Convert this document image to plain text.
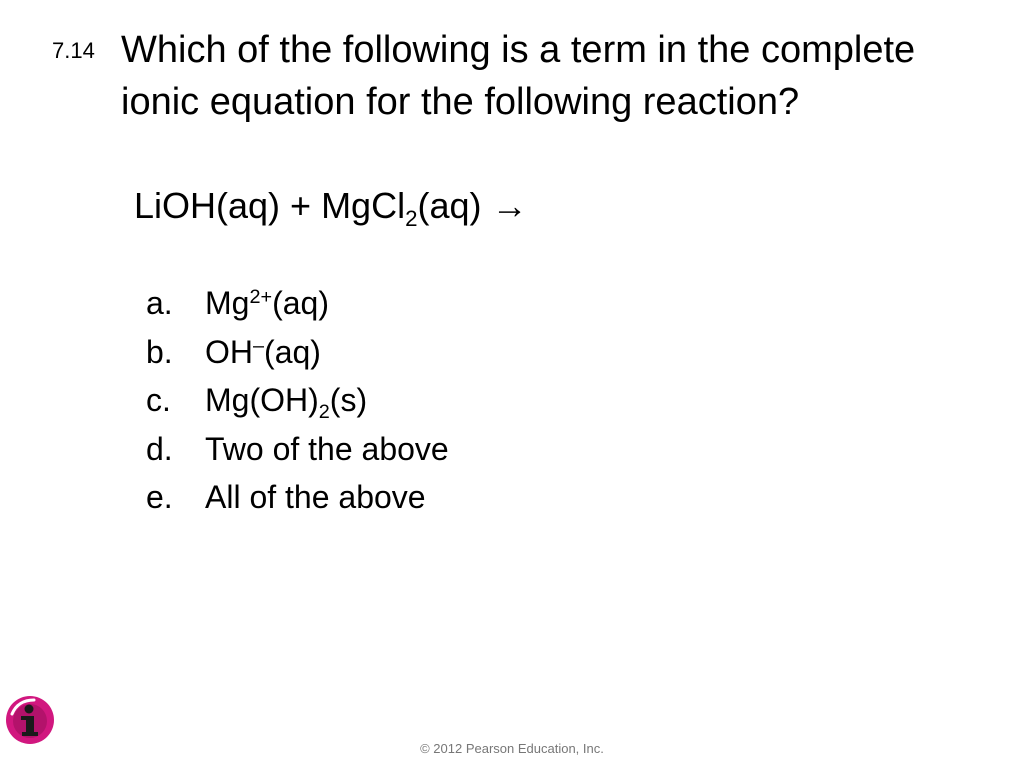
7.14 Which of the following is a term in the complete
ionic equation for the following reaction?
LiOH(aq) + MgCl$_2$(aq) →
a.	$Mg^{2+}(aq)$
b.	OH–(aq)
c.	$Mg(OH)_2(s)$
d.	Two of the above
e.	All of the above
© 2012 Pearson Education, Inc.
